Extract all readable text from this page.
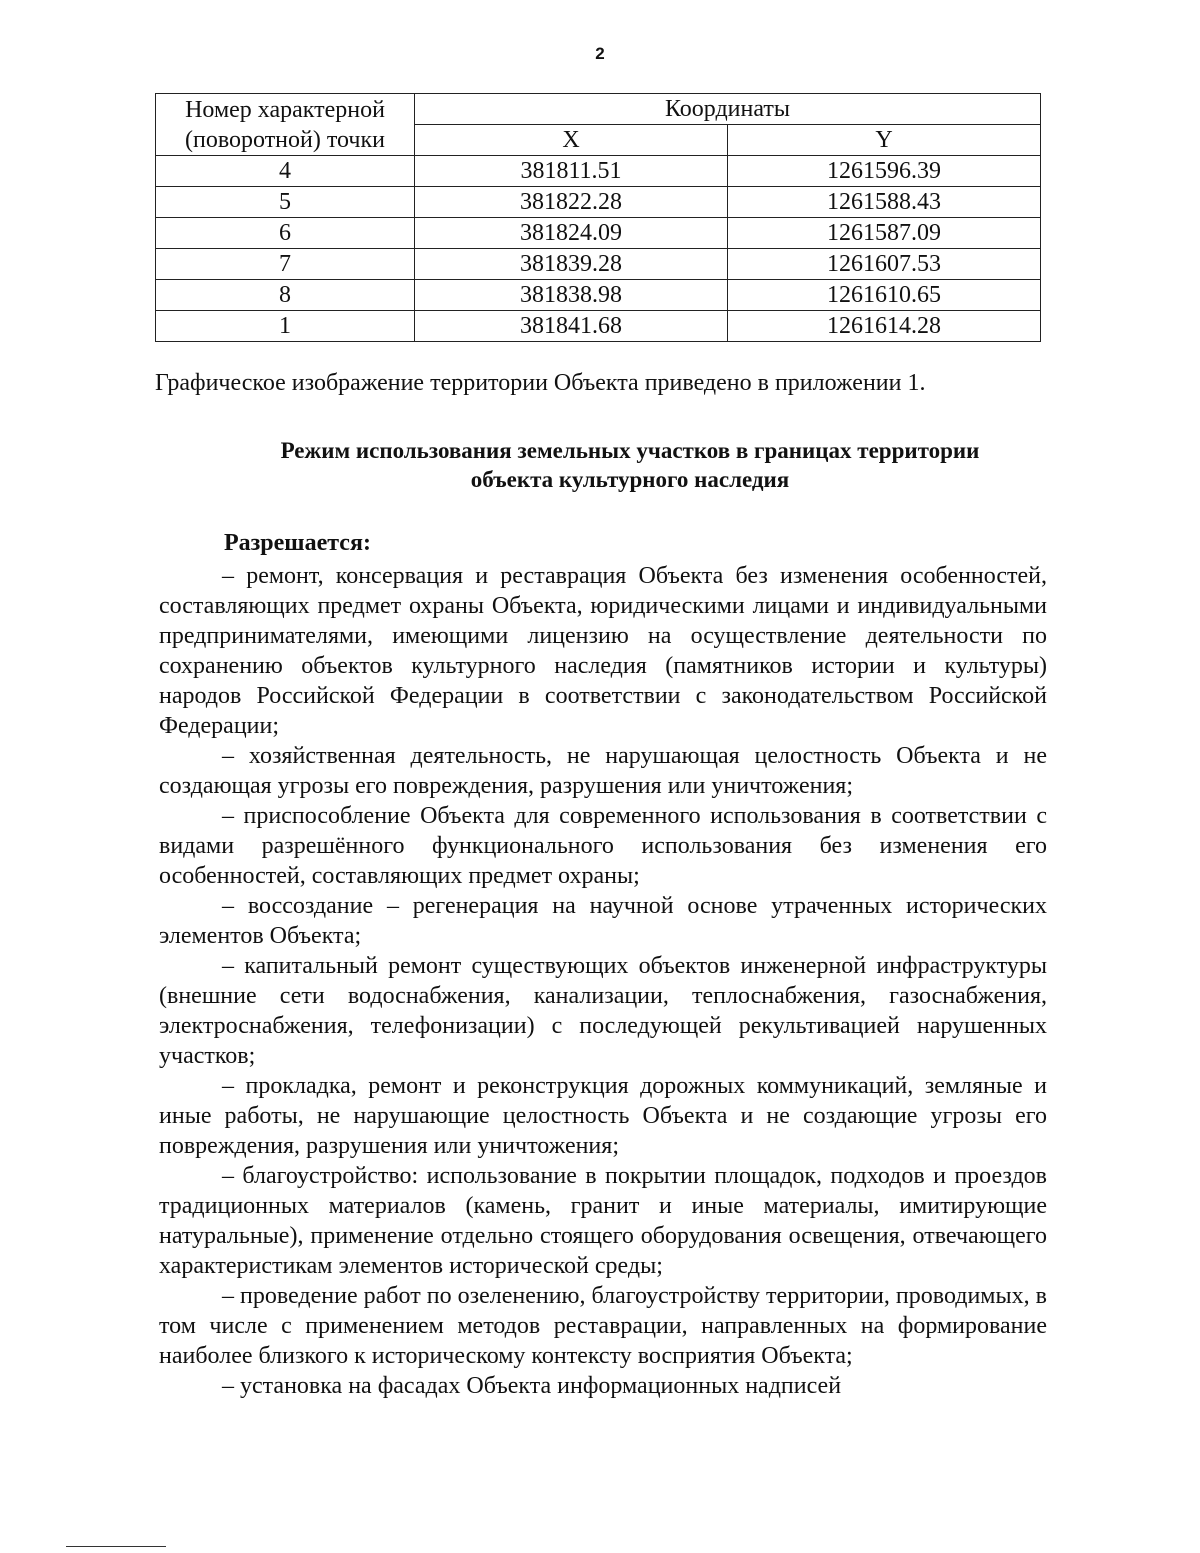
2
Номер характерной (поворотной) точки	Координаты	
	X	Y
4	381811.51	1261596.39
5	381822.28	1261588.43
6	381824.09	1261587.09
7	381839.28	1261607.53
8	381838.98	1261610.65
1	381841.68	1261614.28
Графическое изображение территории Объекта приведено в приложении 1.
Режим использования земельных участков в границах территории
объекта культурного наследия
Разрешается:

– ремонт, консервация и реставрация Объекта без изменения особенностей, составляющих предмет охраны Объекта, юридическими лицами и индивидуальными предпринимателями, имеющими лицензию на осуществление деятельности по сохранению объектов культурного наследия (памятников истории и культуры) народов Российской Федерации в соответствии с законодательством Российской Федерации;

– хозяйственная деятельность, не нарушающая целостность Объекта и не создающая угрозы его повреждения, разрушения или уничтожения;

– приспособление Объекта для современного использования в соответствии с видами разрешённого функционального использования без изменения его особенностей, составляющих предмет охраны;

– воссоздание – регенерация на научной основе утраченных исторических элементов Объекта;

– капитальный ремонт существующих объектов инженерной инфраструктуры (внешние сети водоснабжения, канализации, теплоснабжения, газоснабжения, электроснабжения, телефонизации) с последующей рекультивацией нарушенных участков;

– прокладка, ремонт и реконструкция дорожных коммуникаций, земляные и иные работы, не нарушающие целостность Объекта и не создающие угрозы его повреждения, разрушения или уничтожения;

– благоустройство: использование в покрытии площадок, подходов и проездов традиционных материалов (камень, гранит и иные материалы, имитирующие натуральные), применение отдельно стоящего оборудования освещения, отвечающего характеристикам элементов исторической среды;

– проведение работ по озеленению, благоустройству территории, проводимых, в том числе с применением методов реставрации, направленных на формирование наиболее близкого к историческому контексту восприятия Объекта;

– установка на фасадах Объекта информационных надписей
